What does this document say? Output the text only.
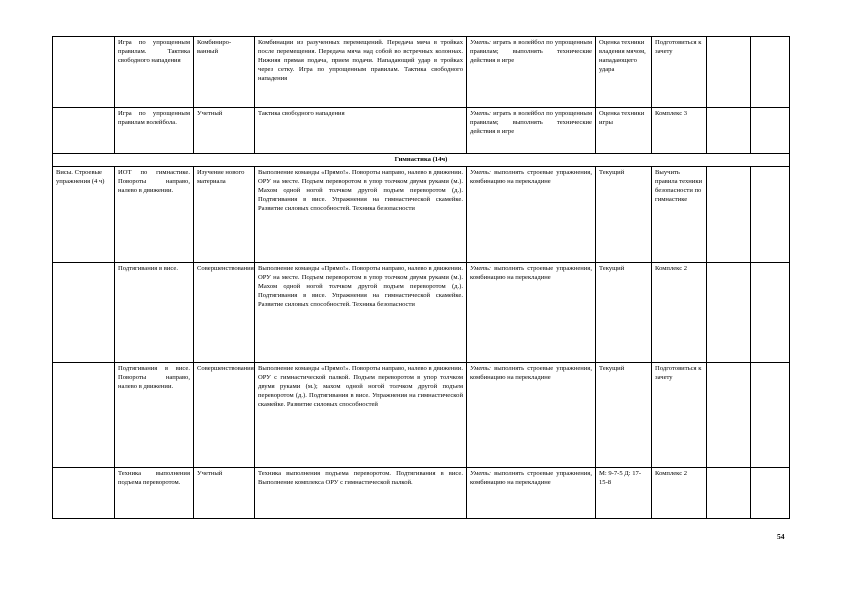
	Игра по упрощенным правилам. Тактика свободного нападения	Комбиниро-ванный	Комбинации из разученных перемещений. Передача мяча в тройках после перемещения. Передача мяча над собой во встречных колоннах. Нижняя прямая подача, прием подачи. Нападающий удар в тройках через сетку. Игра по упрощенным правилам. Тактика свободного нападения	Уметь: играть в волейбол по упрощенным правилам; выполнять технические действия в игре	Оценка техники владения мячом, нападающего удара	Подготовиться к зачету		
	Игра по упрощенным правилам волейбола.	Учетный	Тактика свободного нападения	Уметь: играть в волейбол по упрощенным правилам; выполнять технические действия в игре	Оценка техники игры	Комплекс 3		
Гимнастика (14ч)								
Висы. Строевые упражнения (4 ч)	ИОТ по гимнастике. Повороты направо, налево в движении.	Изучение нового материала	Выполнение команды «Прямо!». Повороты направо, налево в движении. ОРУ на месте. Подъем переворотом в упор толчком двумя руками (м.). Махом одной ногой толчком другой подъем переворотом (д.). Подтягивания в висе. Упражнения на гимнастической скамейке. Развитие силовых способностей. Техника безопасности	Уметь: выполнять строевые упражнения, комбинацию на перекладине	Текущий	Выучить правила техники безопасности по гимнастике		
	Подтягивания в висе.	Совершенствования	Выполнение команды «Прямо!». Повороты направо, налево в движении. ОРУ на месте. Подъем переворотом в упор толчком двумя руками (м.). Махом одной ногой толчком другой подъем переворотом (д.). Подтягивания в висе. Упражнения на гимнастической скамейке. Развитие силовых способностей. Техника безопасности	Уметь: выполнять строевые упражнения, комбинацию на перекладине	Текущий	Комплекс 2		
	Подтягивания в висе. Повороты направо, налево в движении.	Совершенствования	Выполнение команды «Прямо!». Повороты направо, налево в движении. ОРУ с гимнастической палкой. Подъем переворотом в упор толчком двумя руками (м.); махом одной ногой толчком другой подъем переворотом (д.). Подтягивания в висе. Упражнения на гимнастической скамейке. Развитие силовых способностей	Уметь: выполнять строевые упражнения, комбинацию на перекладине	Текущий	Подготовиться к зачету		
	Техника выполнения подъема переворотом.	Учетный	Техника выполнения подъема переворотом. Подтягивания в висе. Выполнение комплекса ОРУ с гимнастической палкой.	Уметь: выполнять строевые упражнения, комбинацию на перекладине	М: 9-7-5 Д: 17-15-8	Комплекс 2		
54
